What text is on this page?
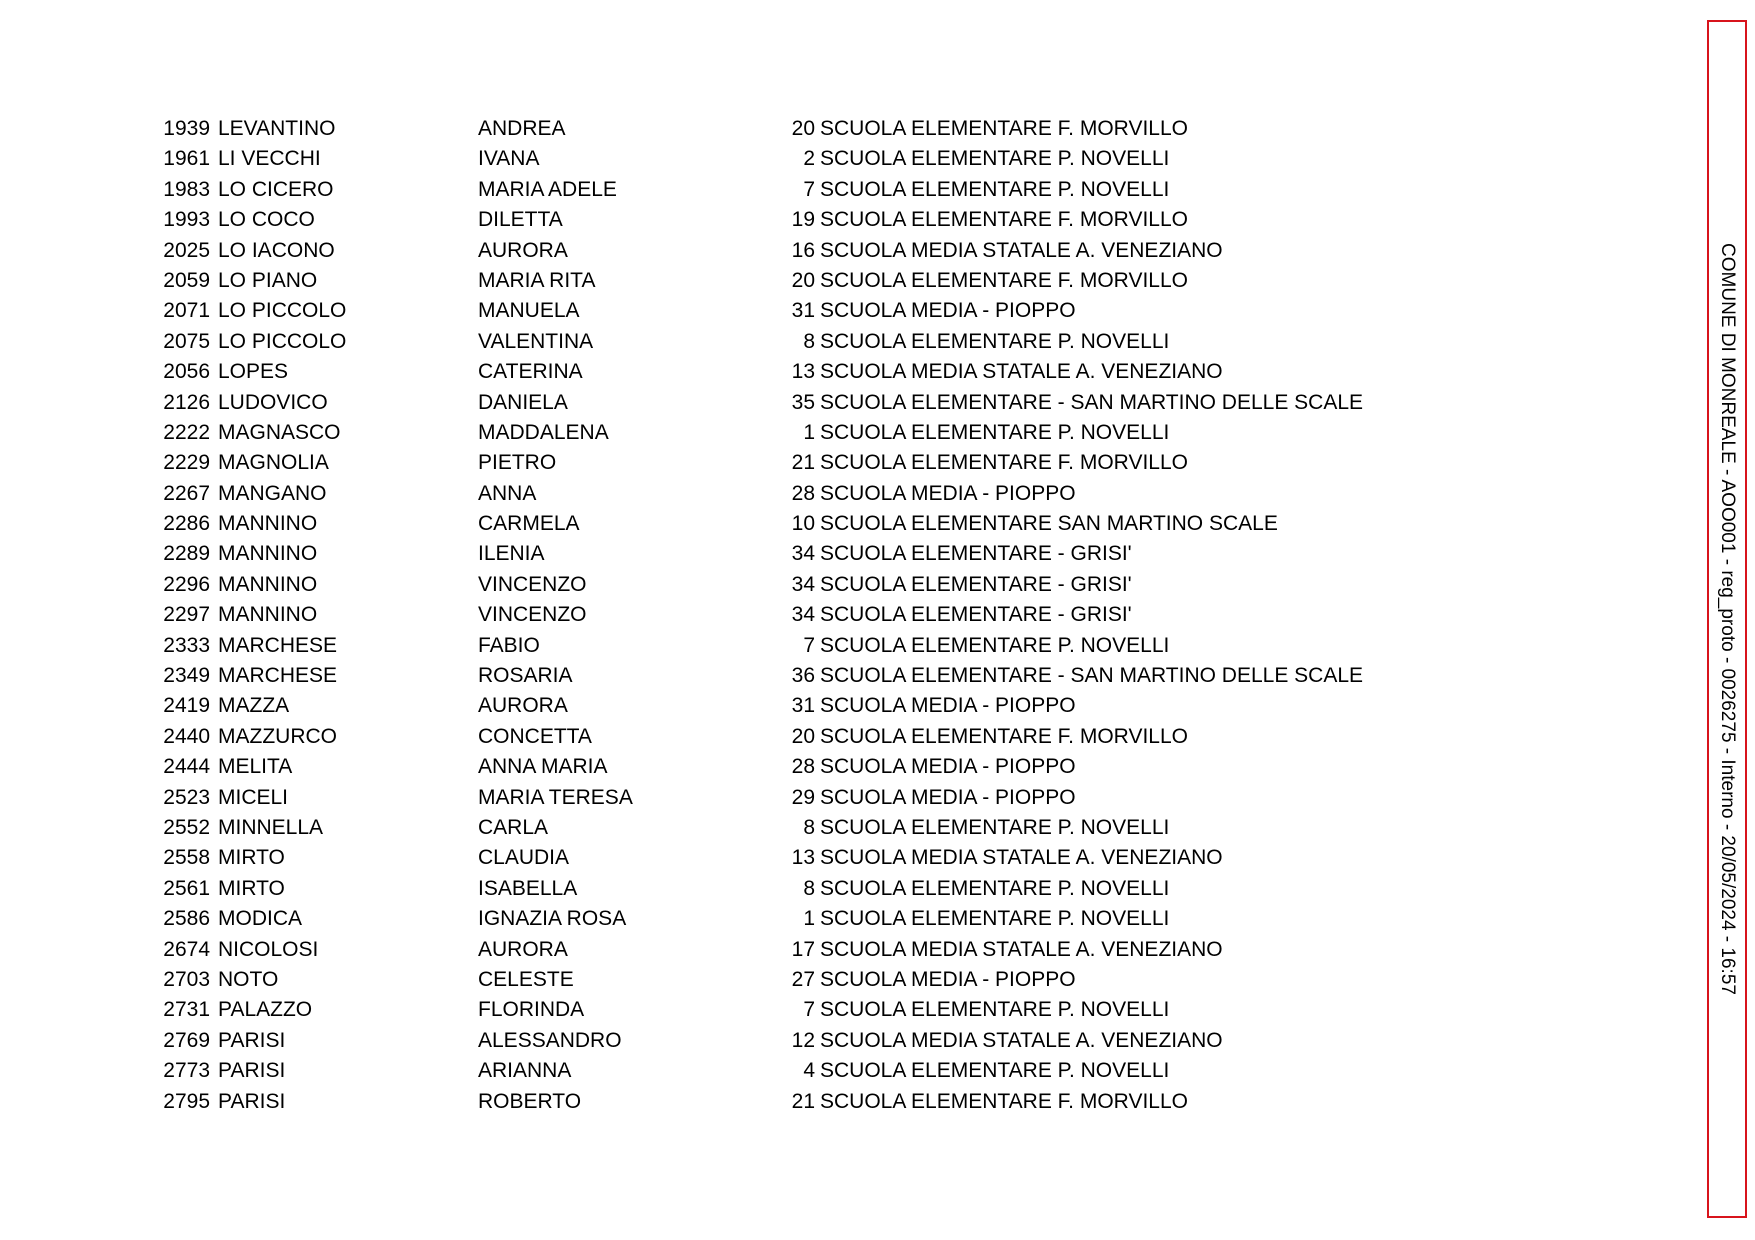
1939 LEVANTINO	ANDREA	20 SCUOLA ELEMENTARE F. MORVILLO
1961 LI VECCHI	IVANA	2 SCUOLA ELEMENTARE P. NOVELLI
1983 LO CICERO	MARIA ADELE	7 SCUOLA ELEMENTARE P. NOVELLI
1993 LO COCO	DILETTA	19 SCUOLA ELEMENTARE F. MORVILLO
2025 LO IACONO	AURORA	16 SCUOLA MEDIA STATALE A. VENEZIANO
2059 LO PIANO	MARIA RITA	20 SCUOLA ELEMENTARE F. MORVILLO
2071 LO PICCOLO	MANUELA	31 SCUOLA MEDIA - PIOPPO
2075 LO PICCOLO	VALENTINA	8 SCUOLA ELEMENTARE P. NOVELLI
2056 LOPES	CATERINA	13 SCUOLA MEDIA STATALE A. VENEZIANO
2126 LUDOVICO	DANIELA	35 SCUOLA ELEMENTARE - SAN MARTINO DELLE SCALE
2222 MAGNASCO	MADDALENA	1 SCUOLA ELEMENTARE P. NOVELLI
2229 MAGNOLIA	PIETRO	21 SCUOLA ELEMENTARE F. MORVILLO
2267 MANGANO	ANNA	28 SCUOLA MEDIA - PIOPPO
2286 MANNINO	CARMELA	10 SCUOLA ELEMENTARE SAN MARTINO SCALE
2289 MANNINO	ILENIA	34 SCUOLA ELEMENTARE - GRISI'
2296 MANNINO	VINCENZO	34 SCUOLA ELEMENTARE - GRISI'
2297 MANNINO	VINCENZO	34 SCUOLA ELEMENTARE - GRISI'
2333 MARCHESE	FABIO	7 SCUOLA ELEMENTARE P. NOVELLI
2349 MARCHESE	ROSARIA	36 SCUOLA ELEMENTARE - SAN MARTINO DELLE SCALE
2419 MAZZA	AURORA	31 SCUOLA MEDIA - PIOPPO
2440 MAZZURCO	CONCETTA	20 SCUOLA ELEMENTARE F. MORVILLO
2444 MELITA	ANNA MARIA	28 SCUOLA MEDIA - PIOPPO
2523 MICELI	MARIA TERESA	29 SCUOLA MEDIA - PIOPPO
2552 MINNELLA	CARLA	8 SCUOLA ELEMENTARE P. NOVELLI
2558 MIRTO	CLAUDIA	13 SCUOLA MEDIA STATALE A. VENEZIANO
2561 MIRTO	ISABELLA	8 SCUOLA ELEMENTARE P. NOVELLI
2586 MODICA	IGNAZIA ROSA	1 SCUOLA ELEMENTARE P. NOVELLI
2674 NICOLOSI	AURORA	17 SCUOLA MEDIA STATALE A. VENEZIANO
2703 NOTO	CELESTE	27 SCUOLA MEDIA - PIOPPO
2731 PALAZZO	FLORINDA	7 SCUOLA ELEMENTARE P. NOVELLI
2769 PARISI	ALESSANDRO	12 SCUOLA MEDIA STATALE A. VENEZIANO
2773 PARISI	ARIANNA	4 SCUOLA ELEMENTARE P. NOVELLI
2795 PARISI	ROBERTO	21 SCUOLA ELEMENTARE F. MORVILLO
COMUNE DI MONREALE - AOO001 - reg_proto - 0026275 - Interno - 20/05/2024 - 16:57
